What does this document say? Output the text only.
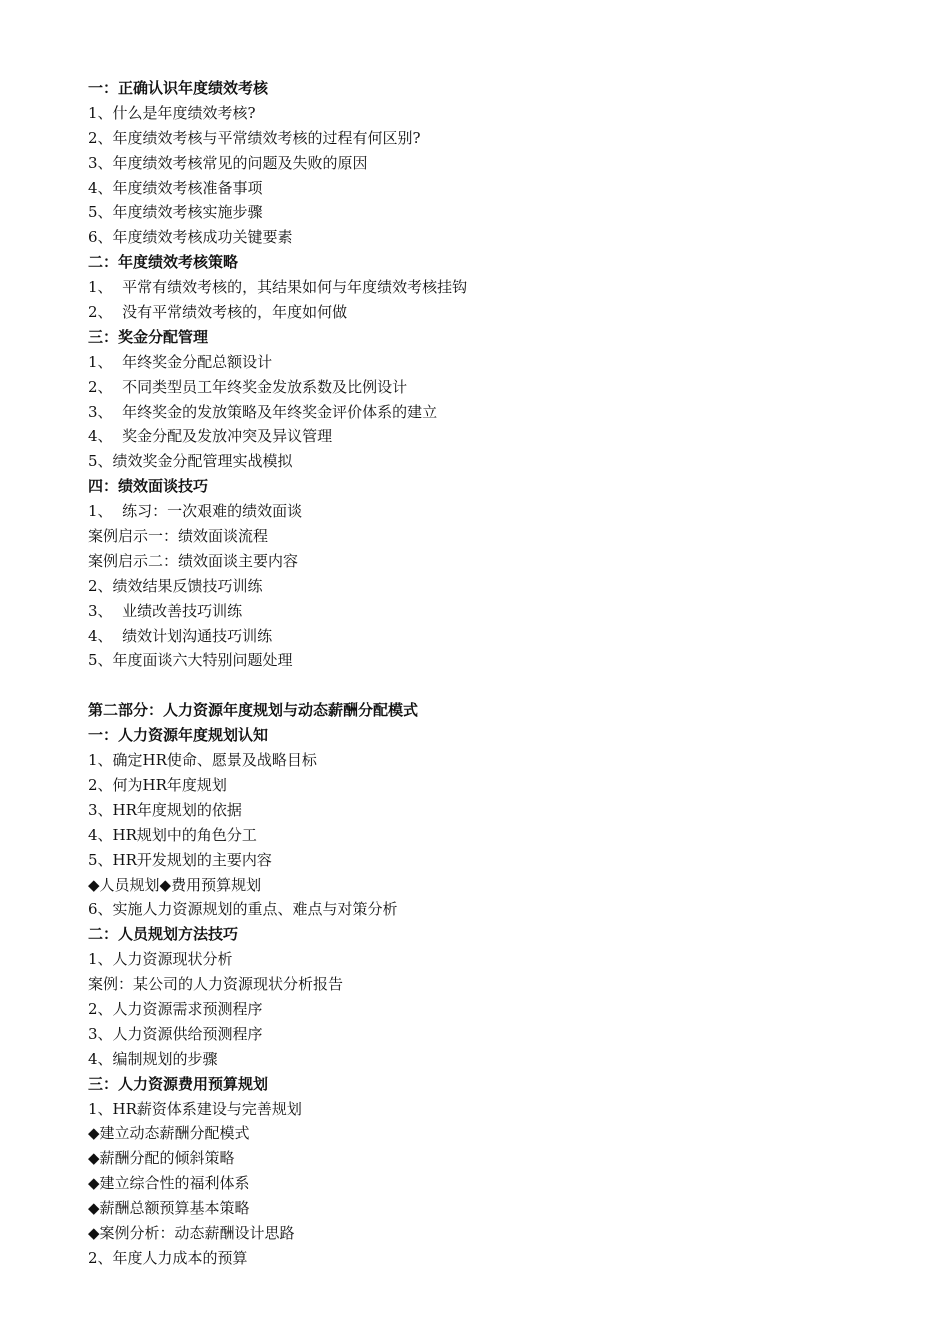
一：正确认识年度绩效考核
1、什么是年度绩效考核?
2、年度绩效考核与平常绩效考核的过程有何区别?
3、年度绩效考核常见的问题及失败的原因
4、年度绩效考核准备事项
5、年度绩效考核实施步骤
6、年度绩效考核成功关键要素
二：年度绩效考核策略
1、  平常有绩效考核的，其结果如何与年度绩效考核挂钩
2、  没有平常绩效考核的，年度如何做
三：奖金分配管理
1、  年终奖金分配总额设计
2、  不同类型员工年终奖金发放系数及比例设计
3、  年终奖金的发放策略及年终奖金评价体系的建立
4、  奖金分配及发放冲突及异议管理
5、绩效奖金分配管理实战模拟
四：绩效面谈技巧
1、  练习：一次艰难的绩效面谈
案例启示一：绩效面谈流程
案例启示二：绩效面谈主要内容
2、绩效结果反馈技巧训练
3、  业绩改善技巧训练
4、  绩效计划沟通技巧训练
5、年度面谈六大特别问题处理
第二部分：人力资源年度规划与动态薪酬分配模式
一：人力资源年度规划认知
1、确定HR使命、愿景及战略目标
2、何为HR年度规划
3、HR年度规划的依据
4、HR规划中的角色分工
5、HR开发规划的主要内容
◆人员规划◆费用预算规划
6、实施人力资源规划的重点、难点与对策分析
二：人员规划方法技巧
1、人力资源现状分析
案例：某公司的人力资源现状分析报告
2、人力资源需求预测程序
3、人力资源供给预测程序
4、编制规划的步骤
三：人力资源费用预算规划
1、HR薪资体系建设与完善规划
◆建立动态薪酬分配模式
◆薪酬分配的倾斜策略
◆建立综合性的福利体系
◆薪酬总额预算基本策略
◆案例分析：动态薪酬设计思路
2、年度人力成本的预算
